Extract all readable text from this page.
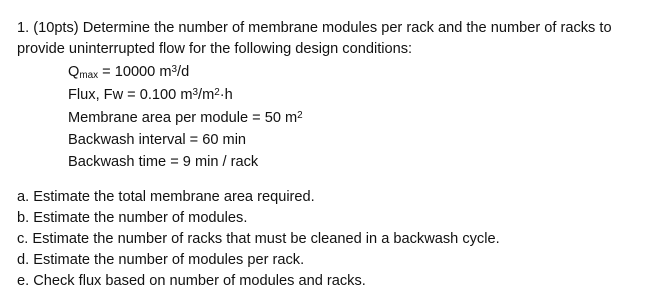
1. (10pts) Determine the number of membrane modules per rack and the number of racks to
provide uninterrupted flow for the following design conditions:
$Q_{max} = 10000$ $m^3/d$
Flux, Fw = 0.100 $m^3/m^2\cdot h$
Membrane area per module = 50 $m^2$
Backwash interval = 60 min
Backwash time = 9 min / rack
a. Estimate the total membrane area required.
b. Estimate the number of modules.
c. Estimate the number of racks that must be cleaned in a backwash cycle.
d. Estimate the number of modules per rack.
e. Check flux based on number of modules and racks.
